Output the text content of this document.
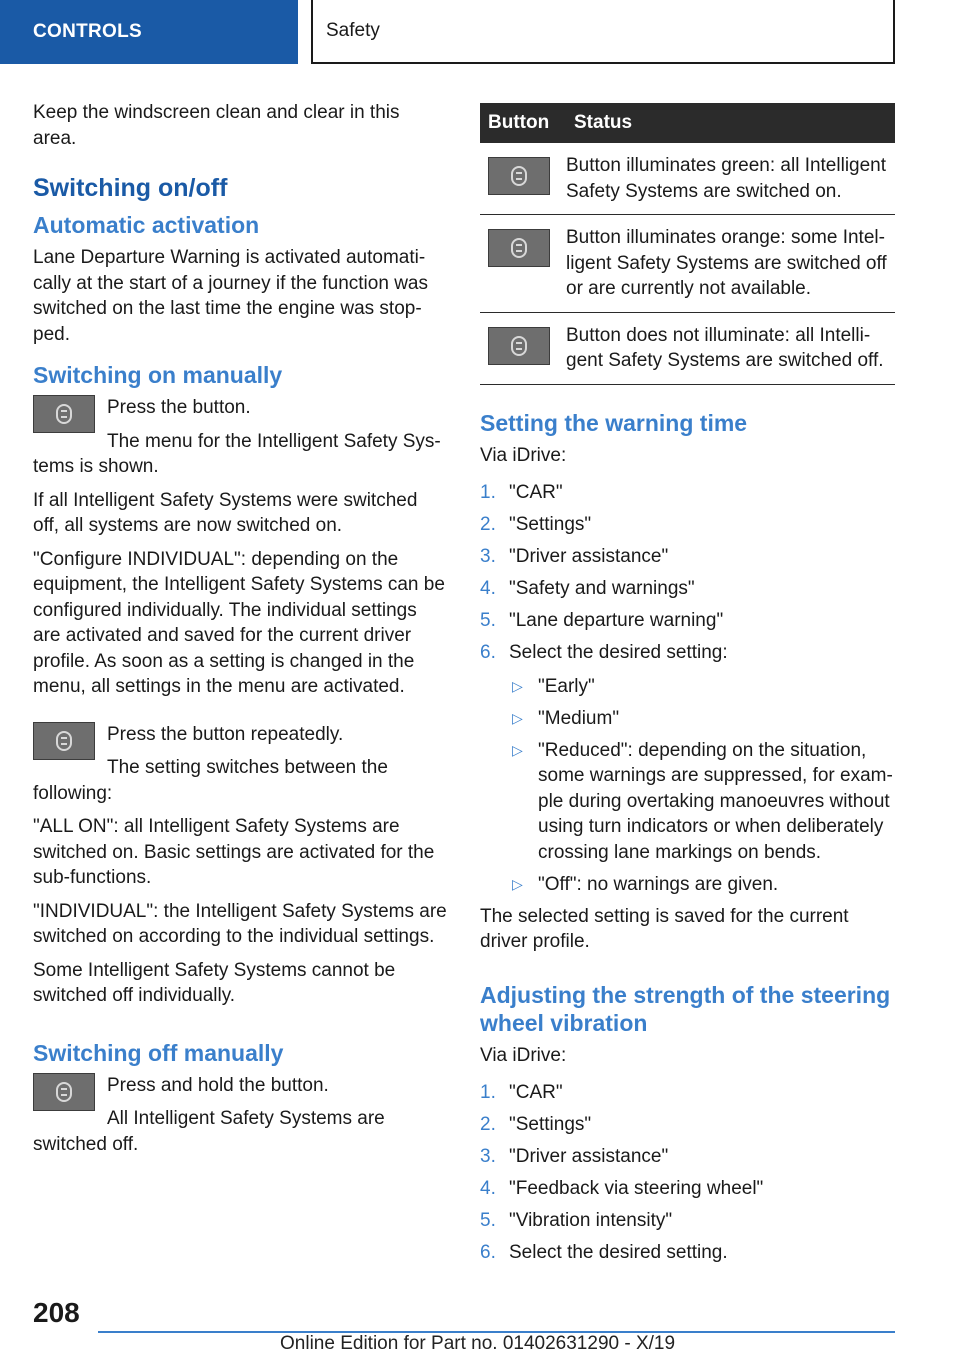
CONTROLS	Safety

Keep the windscreen clean and clear in this area.

Switching on/off
Automatic activation

Lane Departure Warning is activated automatically at the start of a journey if the function was switched on the last time the engine was stopped.

Switching on manually

Press the button.

The menu for the Intelligent Safety Systems is shown.

If all Intelligent Safety Systems were switched off, all systems are now switched on.

"Configure INDIVIDUAL": depending on the equipment, the Intelligent Safety Systems can be configured individually. The individual settings are activated and saved for the current driver profile. As soon as a setting is changed in the menu, all settings in the menu are activated.

Press the button repeatedly.

The setting switches between the following:

"ALL ON": all Intelligent Safety Systems are switched on. Basic settings are activated for the sub-functions.

"INDIVIDUAL": the Intelligent Safety Systems are switched on according to the individual settings.

Some Intelligent Safety Systems cannot be switched off individually.

Switching off manually

Press and hold the button.

All Intelligent Safety Systems are switched off.

Button	Status

	Button illuminates green: all Intelligent Safety Systems are switched on.

	Button illuminates orange: some Intelligent Safety Systems are switched off or are currently not available.

	Button does not illuminate: all Intelligent Safety Systems are switched off.
Setting the warning time

Via iDrive:

1. "CAR"
2. "Settings"
3. "Driver assistance"
4. "Safety and warnings"
5. "Lane departure warning"
6. Select the desired setting:
▷ "Early"
▷ "Medium"
▷ "Reduced": depending on the situation, some warnings are suppressed, for example during overtaking manoeuvres without using turn indicators or when deliberately crossing lane markings on bends.
▷ "Off": no warnings are given.

The selected setting is saved for the current driver profile.

Adjusting the strength of the steering wheel vibration

Via iDrive:

1. "CAR"
2. "Settings"
3. "Driver assistance"
4. "Feedback via steering wheel"
5. "Vibration intensity"
6. Select the desired setting.
208
Online Edition for Part no. 01402631290 - X/19
